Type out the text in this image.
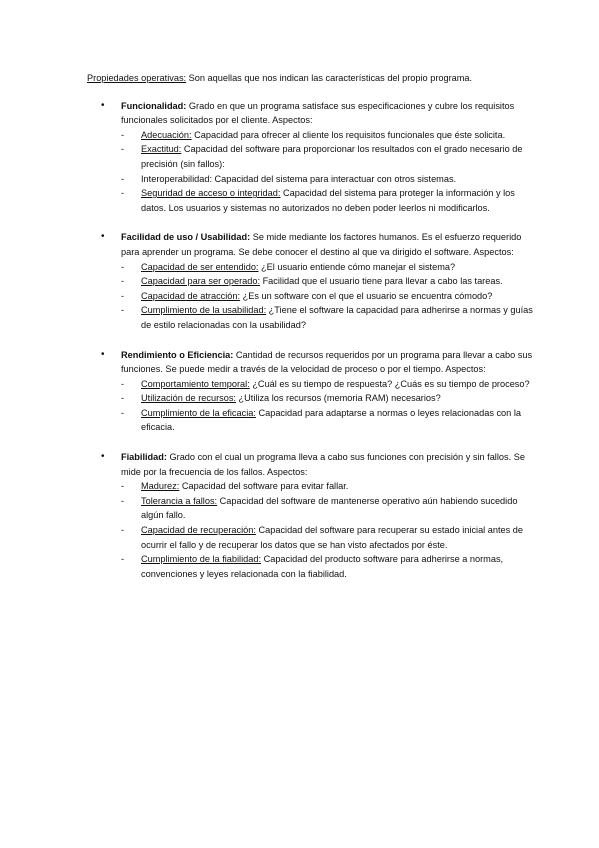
Propiedades operativas: Son aquellas que nos indican las características del propio programa.

• Funcionalidad: Grado en que un programa satisface sus especificaciones y cubre los requisitos funcionales solicitados por el cliente. Aspectos:
- Adecuación: Capacidad para ofrecer al cliente los requisitos funcionales que éste solicita.
- Exactitud: Capacidad del software para proporcionar los resultados con el grado necesario de precisión (sin fallos):
- Interoperabilidad: Capacidad del sistema para interactuar con otros sistemas.
- Seguridad de acceso o integridad: Capacidad del sistema para proteger la información y los datos. Los usuarios y sistemas no autorizados no deben poder leerlos ni modificarlos.
• Facilidad de uso / Usabilidad: Se mide mediante los factores humanos. Es el esfuerzo requerido para aprender un programa. Se debe conocer el destino al que va dirigido el software. Aspectos:
- Capacidad de ser entendido: ¿El usuario entiende cómo manejar el sistema?
- Capacidad para ser operado: Facilidad que el usuario tiene para llevar a cabo las tareas.
- Capacidad de atracción: ¿Es un software con el que el usuario se encuentra cómodo?
- Cumplimiento de la usabilidad: ¿Tiene el software la capacidad para adherirse a normas y guías de estilo relacionadas con la usabilidad?
• Rendimiento o Eficiencia: Cantidad de recursos requeridos por un programa para llevar a cabo sus funciones. Se puede medir a través de la velocidad de proceso o por el tiempo. Aspectos:
- Comportamiento temporal: ¿Cuál es su tiempo de respuesta? ¿Cuás es su tiempo de proceso?
- Utilización de recursos: ¿Utiliza los recursos (memoria RAM) necesarios?
- Cumplimiento de la eficacia: Capacidad para adaptarse a normas o leyes relacionadas con la eficacia.
• Fiabilidad: Grado con el cual un programa lleva a cabo sus funciones con precisión y sin fallos. Se mide por la frecuencia de los fallos. Aspectos:
- Madurez: Capacidad del software para evitar fallar.
- Tolerancia a fallos: Capacidad del software de mantenerse operativo aún habiendo sucedido algún fallo.
- Capacidad de recuperación: Capacidad del software para recuperar su estado inicial antes de ocurrir el fallo y de recuperar los datos que se han visto afectados por éste.
- Cumplimiento de la fiabilidad: Capacidad del producto software para adherirse a normas, convenciones y leyes relacionada con la fiabilidad.
